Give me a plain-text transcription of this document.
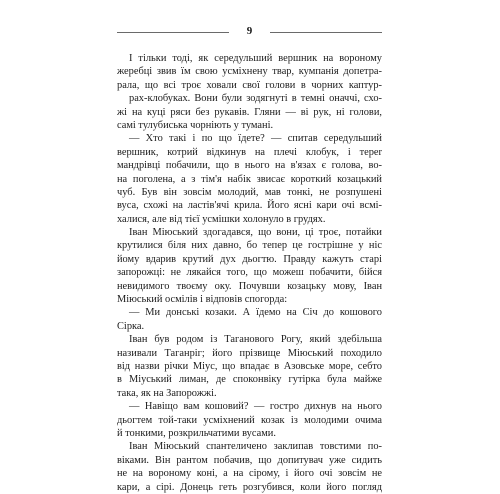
9
І тільки тоді, як середульший вершник на вороному
жеребці звив їм свою усміхнену твар, кумпанія допетра-
рала, що всі троє ховали свої голови в чорних каптур-
рах-клобуках. Вони були зодягнуті в темні оначчі, схо-
жі на куці ряси без рукавів. Гляни — ві рук, ні голови,
самі тулубиська чорніють у тумані.
— Хто такі і по що їдете? — спитав середульший
вершник, котрий відкинув на плечі клобук, і теper
мандрівці побачили, що в нього на в'язах є голова, во-
на поголена, а з тім'я набік звисає короткий козацький
чуб. Був він зовсім молодий, мав тонкі, не розпушені
вуса, схожі на ластів'ячі крила. Його ясні кари очі всмі-
халися, але від тієї усмішки холонуло в грудях.
Іван Міюський здогадався, що вони, ці троє, потайки
крутилися біля них давно, бо тепер це гострішне у ніс
йому вдарив крутий дух дьогтю. Правду кажуть старі
запорожці: не лякайся того, що можеш побачити, бійся
невидимого твоєму оку. Почувши козацьку мову, Іван
Міюський осмілів і відповів спогорда:
— Ми донські козаки. А їдемо на Січ до кошового
Сірка.
Іван був родом із Таганового Рогу, який здебільша
називали Таганріг; його прізвище Міюський походило
від назви річки Міус, що впадає в Азовське море, себто
в Міуський лиман, де споконвіку гутірка була майже
така, як на Запорожжі.
— Навіщо вам кошовий? — гостро дихнув на нього
дьогтем той-таки усміхнений козак із молодими очима
й тонкими, розкрильчатими вусами.
Іван Міюський спантеличено заклипав товстими по-
віками. Він рантом побачив, що допитувач уже сидить
не на вороному коні, а на сірому, і його очі зовсім не
кари, а сірі. Донець геть розгубився, коли його погляд
